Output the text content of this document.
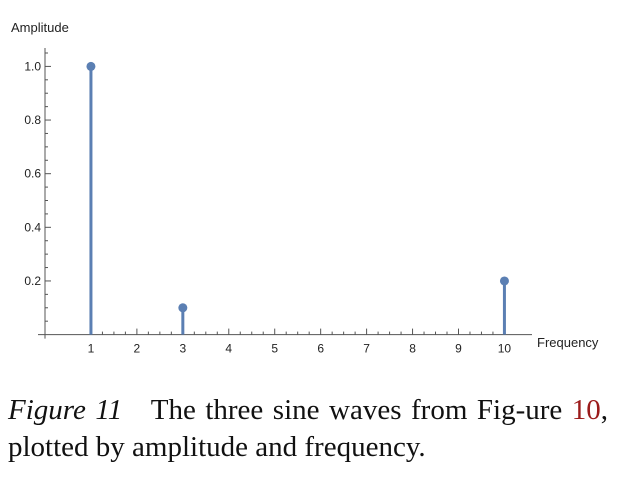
1	2	3	4	5	6	7	8	9	10
0.2
0.4
0.6
0.8
1.0
Amplitude
Frequency
Figure 11 The three sine waves from Fig-ure 10, plotted by amplitude and frequency.
